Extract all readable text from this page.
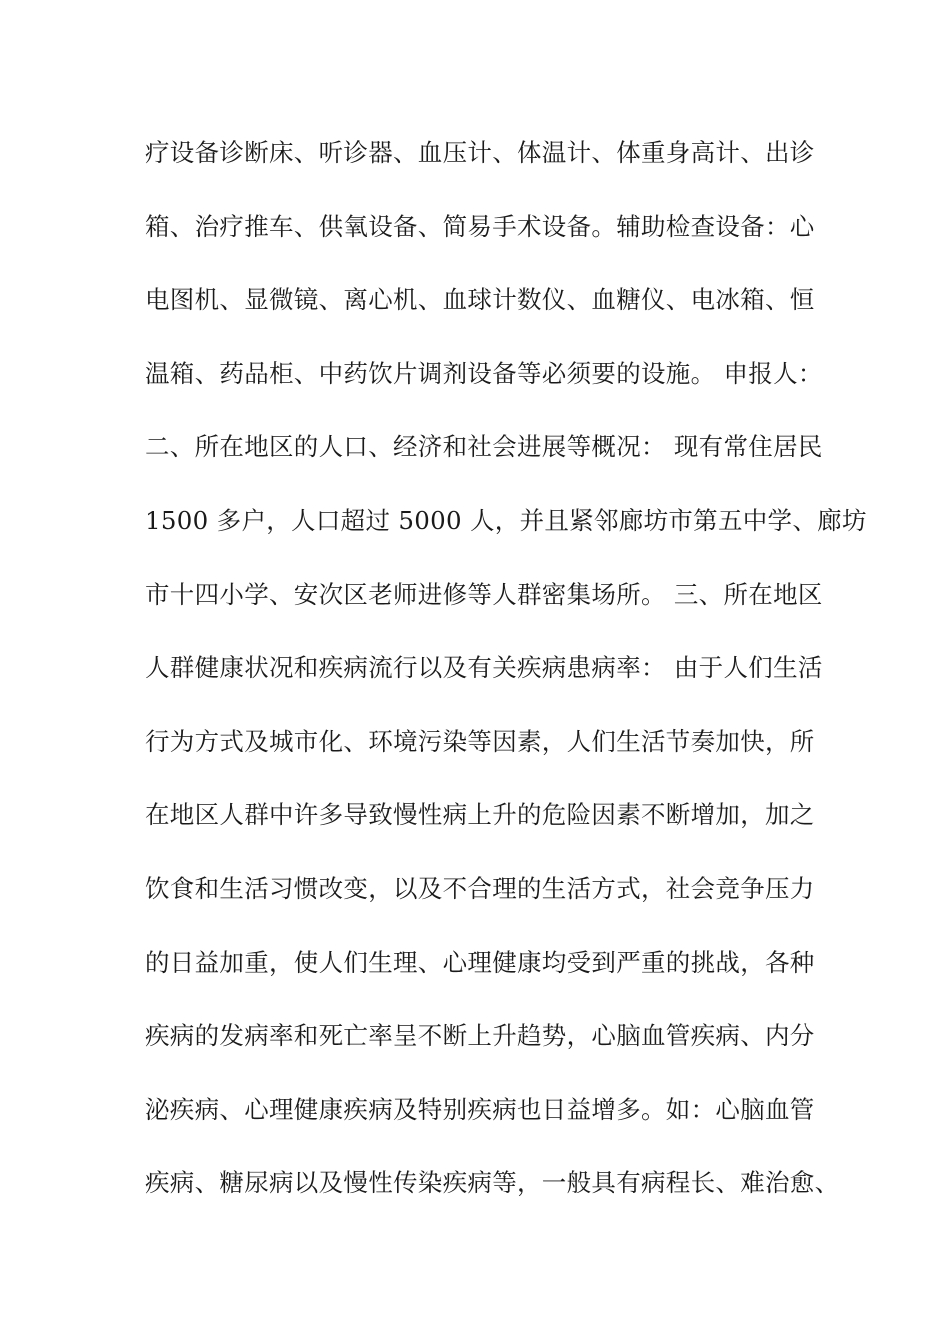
疗设备诊断床、听诊器、血压计、体温计、体重身高计、出诊
箱、治疗推车、供氧设备、简易手术设备。辅助检查设备：心
电图机、显微镜、离心机、血球计数仪、血糖仪、电冰箱、恒
温箱、药品柜、中药饮片调剂设备等必须要的设施。 申报人：
二、所在地区的人口、经济和社会进展等概况： 现有常住居民
1500 多户，人口超过 5000 人，并且紧邻廊坊市第五中学、廊坊
市十四小学、安次区老师进修等人群密集场所。 三、所在地区
人群健康状况和疾病流行以及有关疾病患病率： 由于人们生活
行为方式及城市化、环境污染等因素，人们生活节奏加快，所
在地区人群中许多导致慢性病上升的危险因素不断增加，加之
饮食和生活习惯改变，以及不合理的生活方式，社会竞争压力
的日益加重，使人们生理、心理健康均受到严重的挑战，各种
疾病的发病率和死亡率呈不断上升趋势，心脑血管疾病、内分
泌疾病、心理健康疾病及特别疾病也日益增多。如：心脑血管
疾病、糖尿病以及慢性传染疾病等，一般具有病程长、难治愈、
